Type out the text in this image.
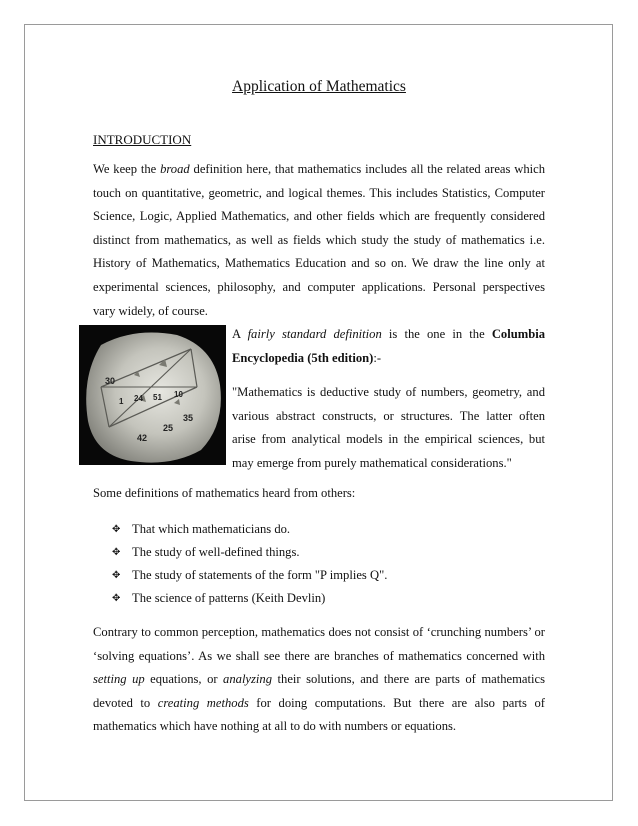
Application of Mathematics
INTRODUCTION

We keep the broad definition here, that mathematics includes all the related areas which touch on quantitative, geometric, and logical themes. This includes Statistics, Computer Science, Logic, Applied Mathematics, and other fields which are frequently considered distinct from mathematics, as well as fields which study the study of mathematics i.e. History of Mathematics, Mathematics Education and so on. We draw the line only at experimental sciences, philosophy, and computer applications. Personal perspectives vary widely, of course.

30
1 24 51 10
35
25
42

A fairly standard definition is the one in the Columbia Encyclopedia (5th edition):-

"Mathematics is deductive study of numbers, geometry, and various abstract constructs, or structures. The latter often arise from analytical models in the empirical sciences, but may emerge from purely mathematical considerations."

Some definitions of mathematics heard from others:

✥ That which mathematicians do.
✥ The study of well-defined things.
✥ The study of statements of the form "P implies Q".
✥ The science of patterns (Keith Devlin)

Contrary to common perception, mathematics does not consist of ‘crunching numbers’ or ‘solving equations’. As we shall see there are branches of mathematics concerned with setting up equations, or analyzing their solutions, and there are parts of mathematics devoted to creating methods for doing computations. But there are also parts of mathematics which have nothing at all to do with numbers or equations.
